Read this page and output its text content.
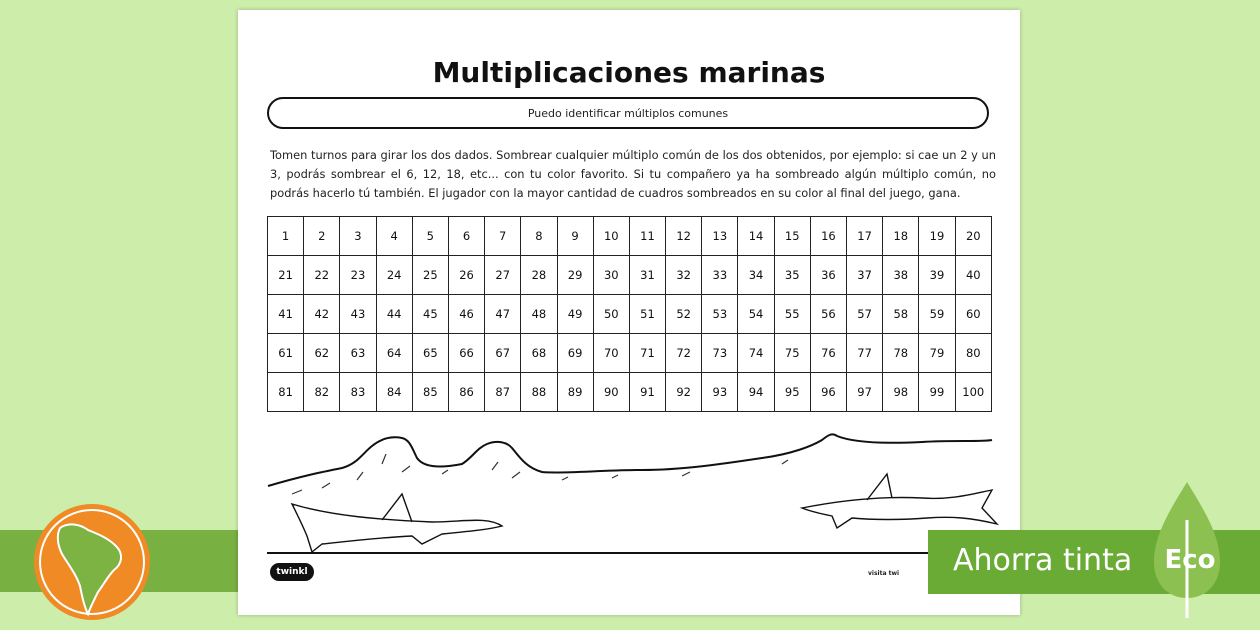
Multiplicaciones marinas
Puedo identificar múltiplos comunes
Tomen turnos para girar los dos dados. Sombrear cualquier múltiplo común de los dos obtenidos, por ejemplo: si cae un 2 y un 3, podrás sombrear el 6, 12, 18, etc... con tu color favorito. Si tu compañero ya ha sombreado algún múltiplo común, no podrás hacerlo tú también. El jugador con la mayor cantidad de cuadros sombreados en su color al final del juego, gana.
1	2	3	4	5	6	7	8	9	10	11	12	13	14	15	16	17	18	19	20
21	22	23	24	25	26	27	28	29	30	31	32	33	34	35	36	37	38	39	40
41	42	43	44	45	46	47	48	49	50	51	52	53	54	55	56	57	58	59	60
61	62	63	64	65	66	67	68	69	70	71	72	73	74	75	76	77	78	79	80
81	82	83	84	85	86	87	88	89	90	91	92	93	94	95	96	97	98	99	100
twinkl	visita twi Ahorra tinta Eco
